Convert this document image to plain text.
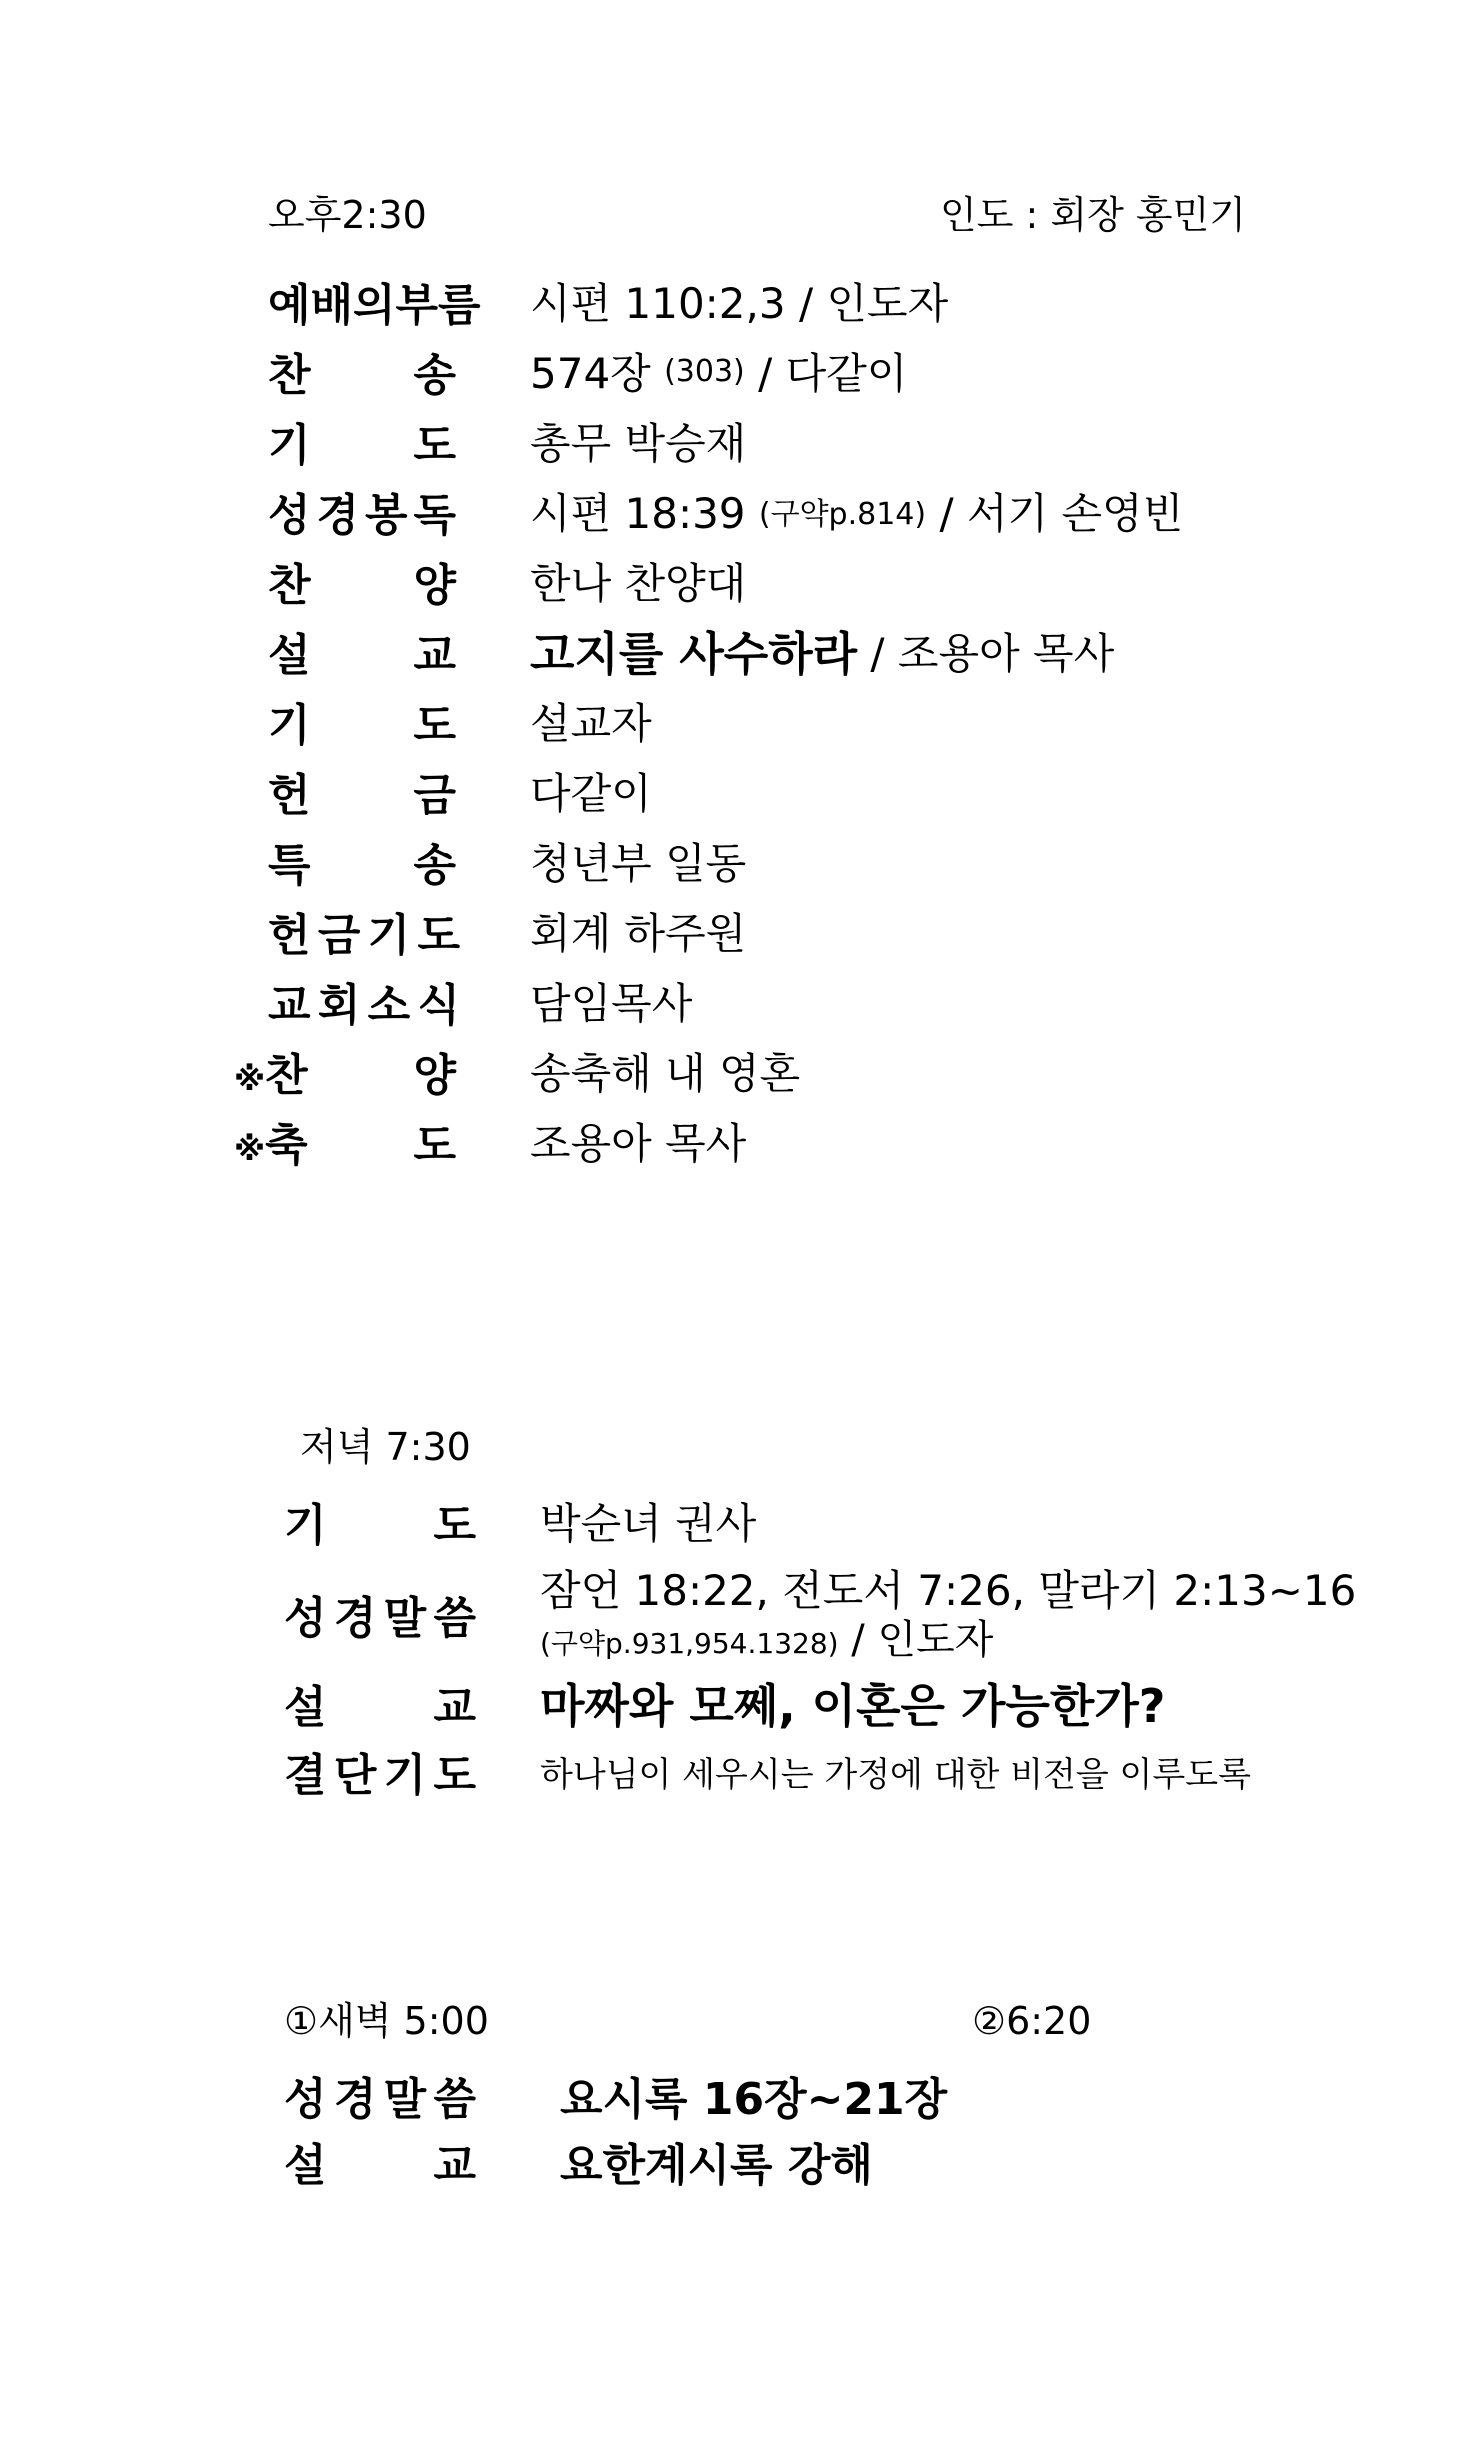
오후2:30	인도 : 회장 홍민기
예배의부름 시편 110:2,3 / 인도자
찬 송 574장 (303) / 다같이
기 도 총무 박승재
성 경 봉 독 시편 18:39 (구약p.814) / 서기 손영빈
찬 양 한나 찬양대
설 교 고지를 사수하라 / 조용아 목사
기 도 설교자
헌 금 다같이
특 송 청년부 일동
헌 금 기 도 회계 하주원
교 회 소 식 담임목사
※찬 양 송축해 내 영혼
※축 도 조용아 목사
저녁 7:30
기 도 박순녀 권사
성 경 말 씀
잠언 18:22, 전도서 7:26, 말라기 2:13~16
(구약p.931,954.1328) / 인도자
설 교 마짜와 모쩨, 이혼은 가능한가?
결 단 기 도 하나님이 세우시는 가정에 대한 비전을 이루도록
①새벽 5:00	②6:20
성 경 말 씀 요시록 16장~21장
설 교 요한계시록 강해
